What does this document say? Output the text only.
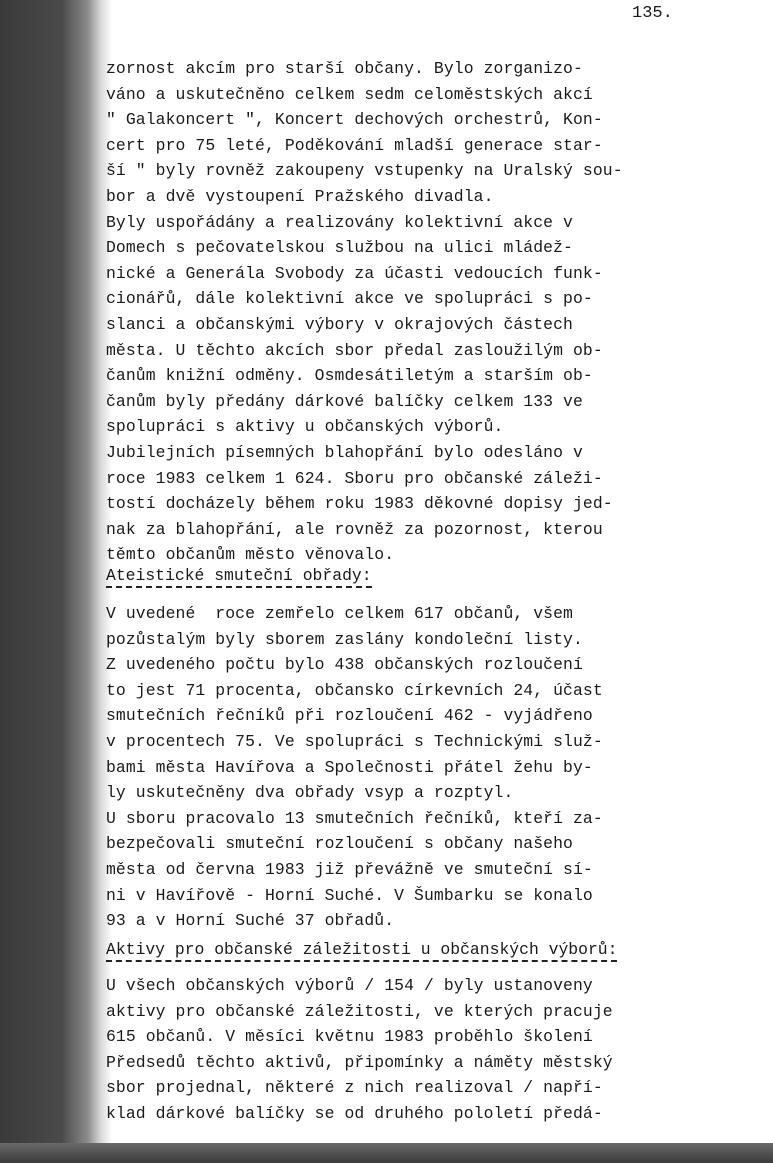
135.
zornost akcím pro starší občany. Bylo zorganizo-
váno a uskutečněno celkem sedm celoměstských akcí
" Galakoncert ", Koncert dechových orchestrů, Kon-
cert pro 75 leté, Poděkování mladší generace star-
ší " byly rovněž zakoupeny vstupenky na Uralský sou-
bor a dvě vystoupení Pražského divadla.
Byly uspořádány a realizovány kolektivní akce v
Domech s pečovatelskou službou na ulici mládež-
nické a Generála Svobody za účasti vedoucích funk-
cionářů, dále kolektivní akce ve spolupráci s po-
slanci a občanskými výbory v okrajových částech
města. U těchto akcích sbor předal zasloužilým ob-
čanům knižní odměny. Osmdesátiletým a starším ob-
čanům byly předány dárkové balíčky celkem 133 ve
spolupráci s aktivy u občanských výborů.
Jubilejních písemných blahopřání bylo odesláno v
roce 1983 celkem 1 624. Sboru pro občanské záleži-
tostí docházely během roku 1983 děkovné dopisy jed-
nak za blahopřání, ale rovněž za pozornost, kterou
těmto občanům město věnovalo.
Ateistické smuteční obřady:
V uvedené  roce zemřelo celkem 617 občanů, všem
pozůstalým byly sborem zaslány kondoleční listy.
Z uvedeného počtu bylo 438 občanských rozloučení
to jest 71 procenta, občansko církevních 24, účast
smutečních řečníků při rozloučení 462 - vyjádřeno
v procentech 75. Ve spolupráci s Technickými služ-
bami města Havířova a Společnosti přátel žehu by-
ly uskutečněny dva obřady vsyp a rozptyl.
U sboru pracovalo 13 smutečních řečníků, kteří za-
bezpečovali smuteční rozloučení s občany našeho
města od června 1983 již převážně ve smuteční sí-
ni v Havířově - Horní Suché. V Šumbarku se konalo
93 a v Horní Suché 37 obřadů.
Aktivy pro občanské záležitosti u občanských výborů:
U všech občanských výborů / 154 / byly ustanoveny
aktivy pro občanské záležitosti, ve kterých pracuje
615 občanů. V měsíci květnu 1983 proběhlo školení
Předsedů těchto aktivů, připomínky a náměty městský
sbor projednal, některé z nich realizoval / napří-
klad dárkové balíčky se od druhého pololetí předá-
